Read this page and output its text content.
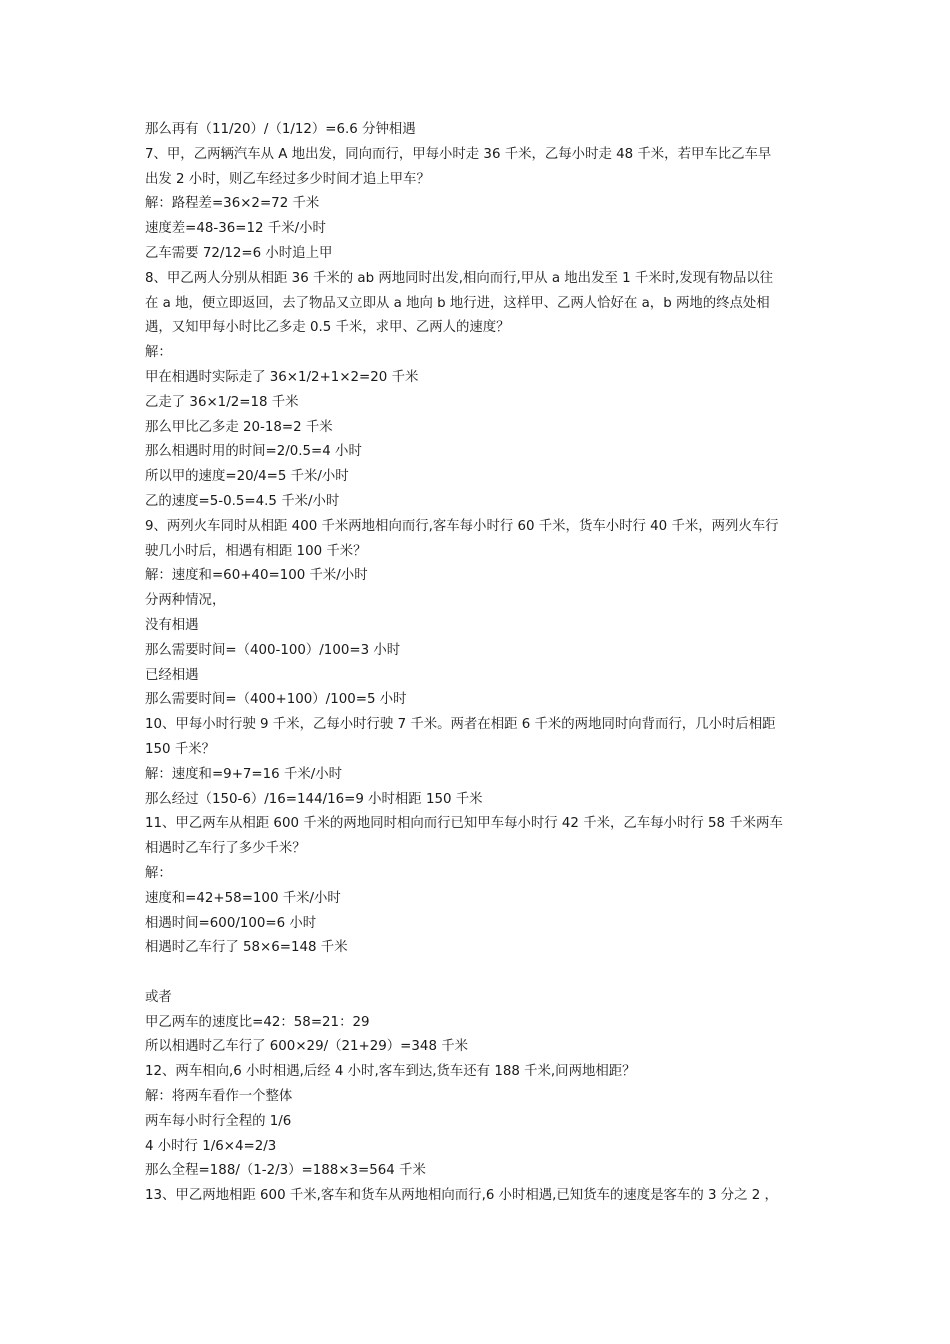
那么再有（11/20）/（1/12）=6.6 分钟相遇
7、甲，乙两辆汽车从 A 地出发，同向而行，甲每小时走 36 千米，乙每小时走 48 千米，若甲车比乙车早
出发 2 小时，则乙车经过多少时间才追上甲车？
解：路程差=36×2=72 千米
速度差=48-36=12 千米/小时
乙车需要 72/12=6 小时追上甲
8、甲乙两人分别从相距 36 千米的 ab 两地同时出发,相向而行,甲从 a 地出发至 1 千米时,发现有物品以往
在 a 地，便立即返回，去了物品又立即从 a 地向 b 地行进，这样甲、乙两人恰好在 a，b 两地的终点处相
遇，又知甲每小时比乙多走 0.5 千米，求甲、乙两人的速度？
解：
甲在相遇时实际走了 36×1/2+1×2=20 千米
乙走了 36×1/2=18 千米
那么甲比乙多走 20-18=2 千米
那么相遇时用的时间=2/0.5=4 小时
所以甲的速度=20/4=5 千米/小时
乙的速度=5-0.5=4.5 千米/小时
9、两列火车同时从相距 400 千米两地相向而行,客车每小时行 60 千米，货车小时行 40 千米，两列火车行
驶几小时后，相遇有相距 100 千米？
解：速度和=60+40=100 千米/小时
分两种情况，
没有相遇
那么需要时间=（400-100）/100=3 小时
已经相遇
那么需要时间=（400+100）/100=5 小时
10、甲每小时行驶 9 千米，乙每小时行驶 7 千米。两者在相距 6 千米的两地同时向背而行，几小时后相距
150 千米？
解：速度和=9+7=16 千米/小时
那么经过（150-6）/16=144/16=9 小时相距 150 千米
11、甲乙两车从相距 600 千米的两地同时相向而行已知甲车每小时行 42 千米，乙车每小时行 58 千米两车
相遇时乙车行了多少千米？
解：
速度和=42+58=100 千米/小时
相遇时间=600/100=6 小时
相遇时乙车行了 58×6=148 千米
或者
甲乙两车的速度比=42：58=21：29
所以相遇时乙车行了 600×29/（21+29）=348 千米
12、两车相向,6 小时相遇,后经 4 小时,客车到达,货车还有 188 千米,问两地相距？
解：将两车看作一个整体
两车每小时行全程的 1/6
4 小时行 1/6×4=2/3
那么全程=188/（1-2/3）=188×3=564 千米
13、甲乙两地相距 600 千米,客车和货车从两地相向而行,6 小时相遇,已知货车的速度是客车的 3 分之 2 ，
